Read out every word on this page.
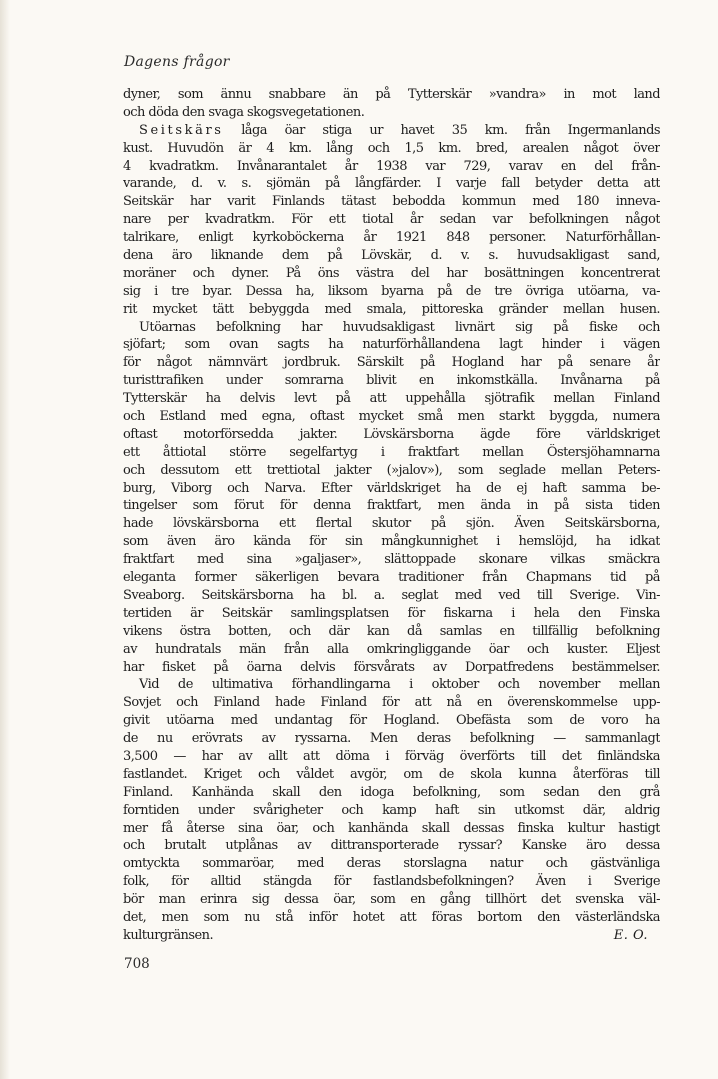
Dagens frågor
dyner, som ännu snabbare än på Tytterskär »vandra» in mot land
och döda den svaga skogsvegetationen.
Seitskärs låga öar stiga ur havet 35 km. från Ingermanlands
kust. Huvudön är 4 km. lång och 1,5 km. bred, arealen något över
4 kvadratkm. Invånarantalet år 1938 var 729, varav en del från-
varande, d. v. s. sjömän på långfärder. I varje fall betyder detta att
Seitskär har varit Finlands tätast bebodda kommun med 180 inneva-
nare per kvadratkm. För ett tiotal år sedan var befolkningen något
talrikare, enligt kyrkoböckerna år 1921 848 personer. Naturförhållan-
dena äro liknande dem på Lövskär, d. v. s. huvudsakligast sand,
moräner och dyner. På öns västra del har bosättningen koncentrerat
sig i tre byar. Dessa ha, liksom byarna på de tre övriga utöarna, va-
rit mycket tätt bebyggda med smala, pittoreska gränder mellan husen.
Utöarnas befolkning har huvudsakligast livnärt sig på fiske och
sjöfart; som ovan sagts ha naturförhållandena lagt hinder i vägen
för något nämnvärt jordbruk. Särskilt på Hogland har på senare år
turisttrafiken under somrarna blivit en inkomstkälla. Invånarna på
Tytterskär ha delvis levt på att uppehålla sjötrafik mellan Finland
och Estland med egna, oftast mycket små men starkt byggda, numera
oftast motorförsedda jakter. Lövskärsborna ägde före världskriget
ett åttiotal större segelfartyg i fraktfart mellan Östersjöhamnarna
och dessutom ett trettiotal jakter (»jalov»), som seglade mellan Peters-
burg, Viborg och Narva. Efter världskriget ha de ej haft samma be-
tingelser som förut för denna fraktfart, men ända in på sista tiden
hade lövskärsborna ett flertal skutor på sjön. Även Seitskärsborna,
som även äro kända för sin mångkunnighet i hemslöjd, ha idkat
fraktfart med sina »galjaser», slättoppade skonare vilkas smäckra
eleganta former säkerligen bevara traditioner från Chapmans tid på
Sveaborg. Seitskärsborna ha bl. a. seglat med ved till Sverige. Vin-
tertiden är Seitskär samlingsplatsen för fiskarna i hela den Finska
vikens östra botten, och där kan då samlas en tillfällig befolkning
av hundratals män från alla omkringliggande öar och kuster. Eljest
har fisket på öarna delvis försvårats av Dorpatfredens bestämmelser.
Vid de ultimativa förhandlingarna i oktober och november mellan
Sovjet och Finland hade Finland för att nå en överenskommelse upp-
givit utöarna med undantag för Hogland. Obefästa som de voro ha
de nu erövrats av ryssarna. Men deras befolkning — sammanlagt
3,500 — har av allt att döma i förväg överförts till det finländska
fastlandet. Kriget och våldet avgör, om de skola kunna återföras till
Finland. Kanhända skall den idoga befolkning, som sedan den grå
forntiden under svårigheter och kamp haft sin utkomst där, aldrig
mer få återse sina öar, och kanhända skall dessas finska kultur hastigt
och brutalt utplånas av dittransporterade ryssar? Kanske äro dessa
omtyckta sommaröar, med deras storslagna natur och gästvänliga
folk, för alltid stängda för fastlandsbefolkningen? Även i Sverige
bör man erinra sig dessa öar, som en gång tillhört det svenska väl-
det, men som nu stå inför hotet att föras bortom den västerländska
kulturgränsen.	E. O.
708
